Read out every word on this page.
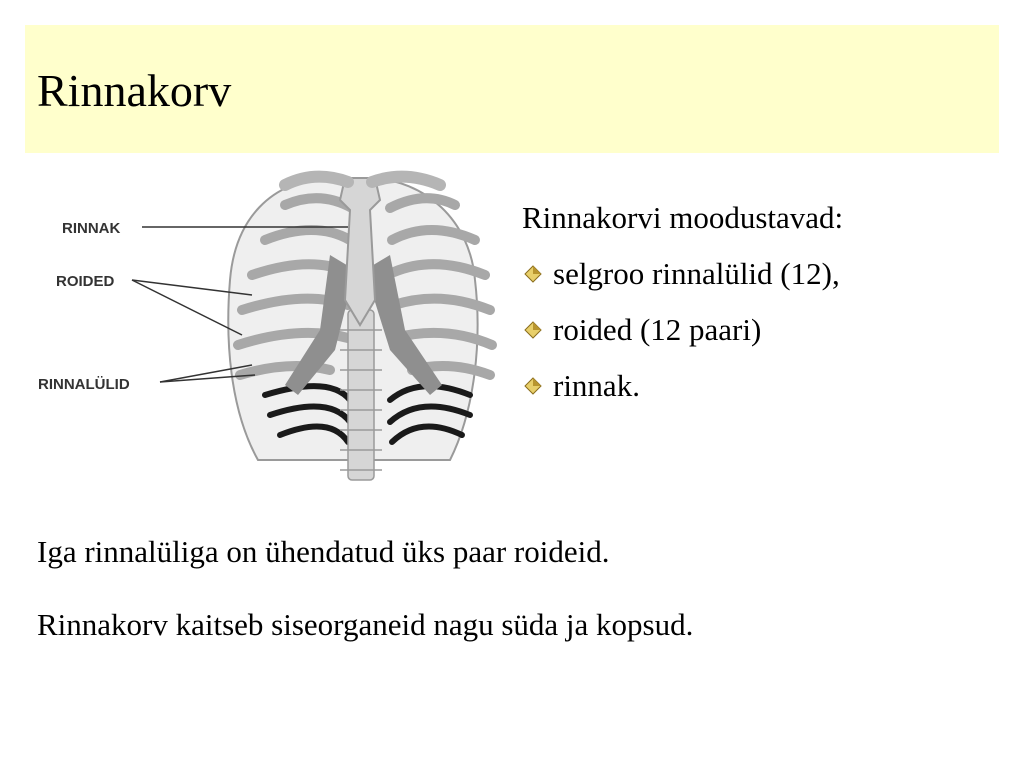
Rinnakorv
RINNAK
ROIDED
RINNALÜLID
Rinnakorvi moodustavad:
selgroo rinnalülid (12),
roided (12 paari)
rinnak.

Iga rinnalüliga on ühendatud üks paar roideid.

Rinnakorv kaitseb siseorganeid nagu süda ja kopsud.
